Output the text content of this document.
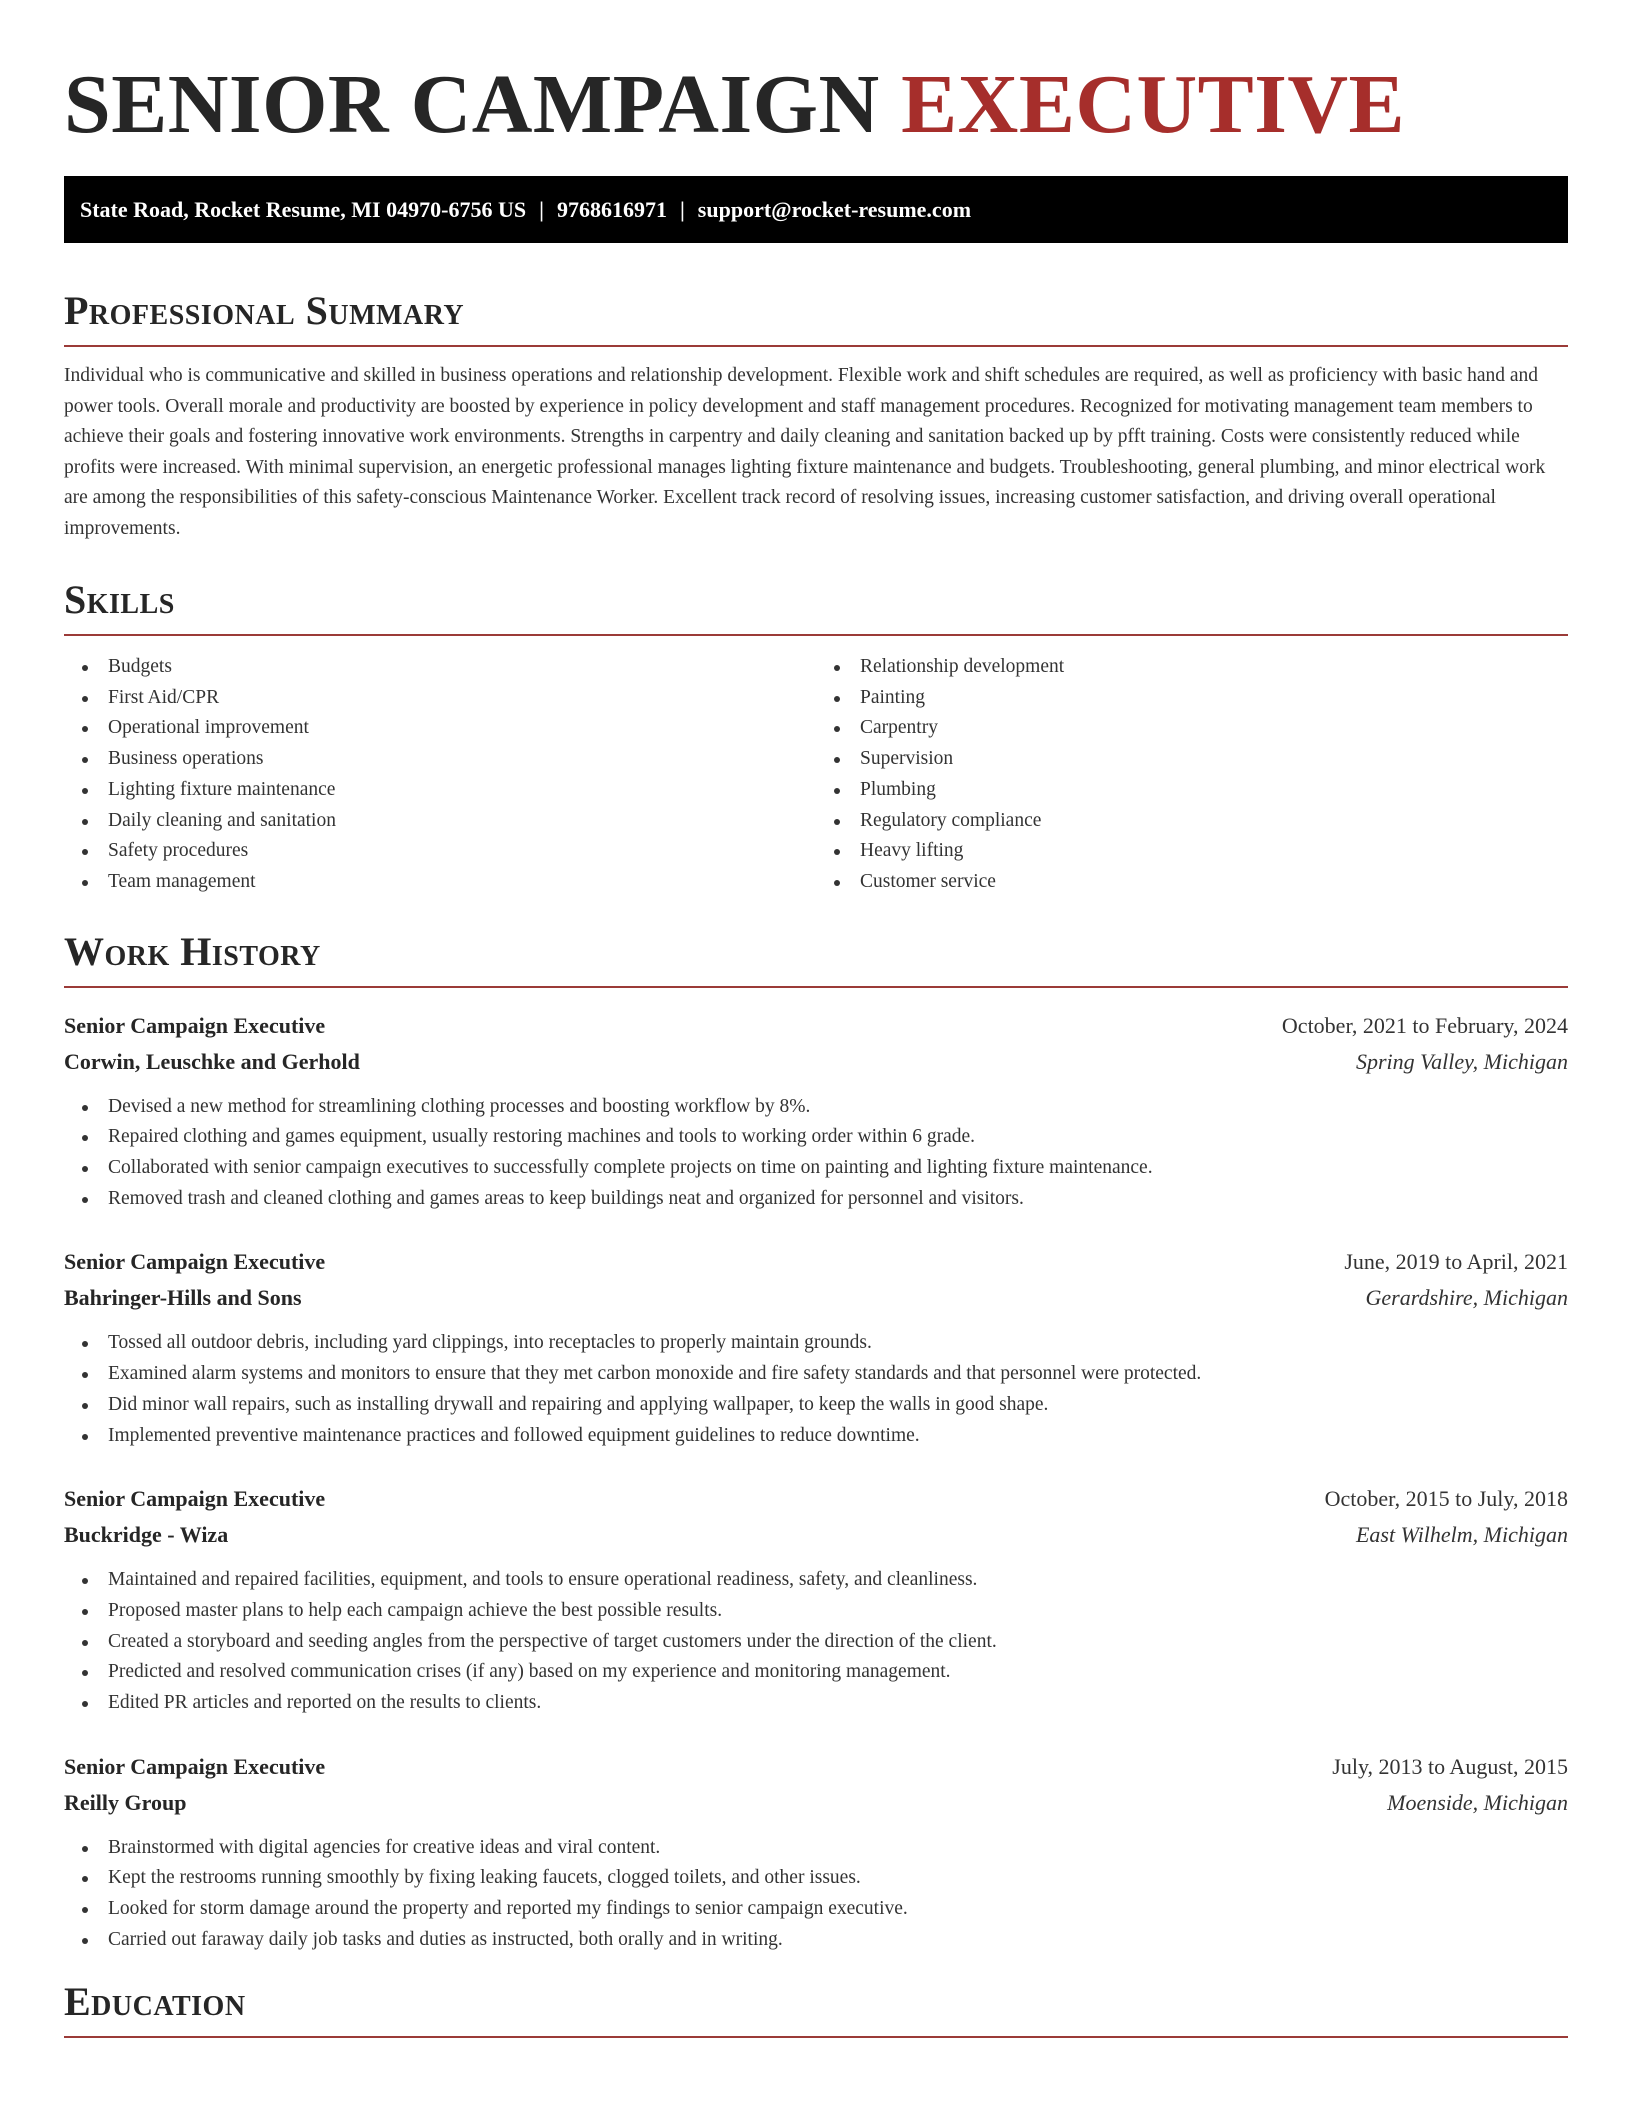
SENIOR CAMPAIGN EXECUTIVE
State Road, Rocket Resume, MI 04970-6756 US | 9768616971 | support@rocket-resume.com
Professional Summary

Individual who is communicative and skilled in business operations and relationship development. Flexible work and shift schedules are required, as well as proficiency with basic hand and power tools. Overall morale and productivity are boosted by experience in policy development and staff management procedures. Recognized for motivating management team members to achieve their goals and fostering innovative work environments. Strengths in carpentry and daily cleaning and sanitation backed up by pfft training. Costs were consistently reduced while profits were increased. With minimal supervision, an energetic professional manages lighting fixture maintenance and budgets. Troubleshooting, general plumbing, and minor electrical work are among the responsibilities of this safety-conscious Maintenance Worker. Excellent track record of resolving issues, increasing customer satisfaction, and driving overall operational improvements.

Skills
Budgets
First Aid/CPR
Operational improvement
Business operations
Lighting fixture maintenance
Daily cleaning and sanitation
Safety procedures
Team management
Relationship development
Painting
Carpentry
Supervision
Plumbing
Regulatory compliance
Heavy lifting
Customer service
Work History
Senior Campaign Executive	October, 2021 to February, 2024
Corwin, Leuschke and Gerhold	Spring Valley, Michigan
Devised a new method for streamlining clothing processes and boosting workflow by 8%.
Repaired clothing and games equipment, usually restoring machines and tools to working order within 6 grade.
Collaborated with senior campaign executives to successfully complete projects on time on painting and lighting fixture maintenance.
Removed trash and cleaned clothing and games areas to keep buildings neat and organized for personnel and visitors.
Senior Campaign Executive	June, 2019 to April, 2021
Bahringer-Hills and Sons	Gerardshire, Michigan
Tossed all outdoor debris, including yard clippings, into receptacles to properly maintain grounds.
Examined alarm systems and monitors to ensure that they met carbon monoxide and fire safety standards and that personnel were protected.
Did minor wall repairs, such as installing drywall and repairing and applying wallpaper, to keep the walls in good shape.
Implemented preventive maintenance practices and followed equipment guidelines to reduce downtime.
Senior Campaign Executive	October, 2015 to July, 2018
Buckridge - Wiza	East Wilhelm, Michigan
Maintained and repaired facilities, equipment, and tools to ensure operational readiness, safety, and cleanliness.
Proposed master plans to help each campaign achieve the best possible results.
Created a storyboard and seeding angles from the perspective of target customers under the direction of the client.
Predicted and resolved communication crises (if any) based on my experience and monitoring management.
Edited PR articles and reported on the results to clients.
Senior Campaign Executive	July, 2013 to August, 2015
Reilly Group	Moenside, Michigan
Brainstormed with digital agencies for creative ideas and viral content.
Kept the restrooms running smoothly by fixing leaking faucets, clogged toilets, and other issues.
Looked for storm damage around the property and reported my findings to senior campaign executive.
Carried out faraway daily job tasks and duties as instructed, both orally and in writing.
Education
